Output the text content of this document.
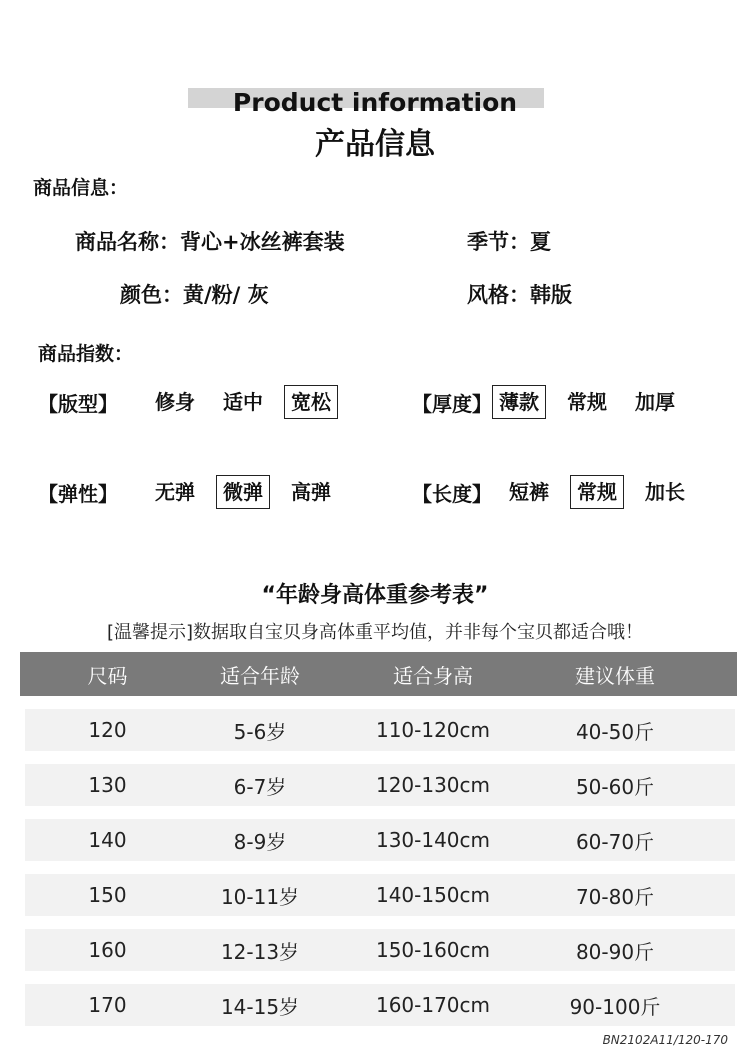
Product information
产品信息
商品信息：
商品名称：背心+冰丝裤套装	季节：夏
颜色：黄/粉/ 灰	风格：韩版
商品指数：
【版型】	修身	适中	宽松	【厚度】 薄款	常规	加厚
【弹性】	无弹	微弹	高弹	【长度】 短裤	常规	加长
“年龄身高体重参考表”
[温馨提示]数据取自宝贝身高体重平均值，并非每个宝贝都适合哦！
尺码	适合年龄	适合身高	建议体重
120	5-6岁	110-120cm	40-50斤
130	6-7岁	120-130cm	50-60斤
140	8-9岁	130-140cm	60-70斤
150	10-11岁	140-150cm	70-80斤
160	12-13岁	150-160cm	80-90斤
170	14-15岁	160-170cm	90-100斤
BN2102A11/120-170
